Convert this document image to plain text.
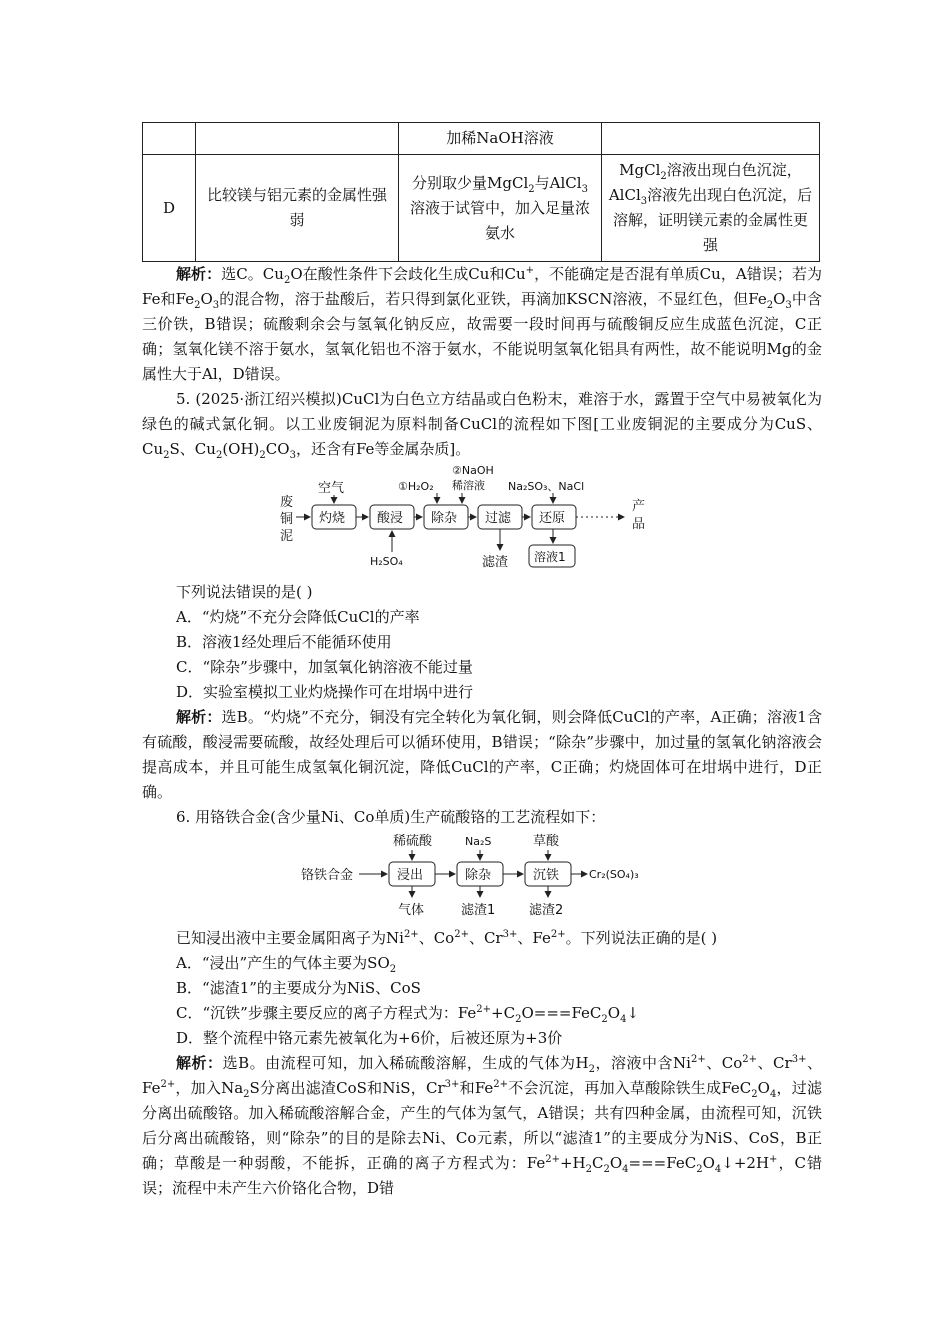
		加稀NaOH溶液	
D	比较镁与铝元素的金属性强弱	分别取少量MgCl$_2$与AlCl$_3$溶液于试管中，加入足量浓氨水	MgCl$_2$溶液出现白色沉淀，AlCl$_3$溶液先出现白色沉淀，后溶解，证明镁元素的金属性更强

解析：选C。$Cu_2O$在酸性条件下会歧化生成Cu和Cu+，不能确定是否混有单质Cu，A错误；若为Fe和$Fe_2O_3$的混合物，溶于盐酸后，若只得到氯化亚铁，再滴加KSCN溶液，不显红色，但$Fe_2O_3$中含三价铁，B错误；硫酸剩余会与氢氧化钠反应，故需要一段时间再与硫酸铜反应生成蓝色沉淀，C正确；氢氧化镁不溶于氨水，氢氧化铝也不溶于氨水，不能说明氢氧化铝具有两性，故不能说明Mg的金属性大于Al，D错误。

5. (2025·浙江绍兴模拟)CuCl为白色立方结晶或白色粉末，难溶于水，露置于空气中易被氧化为绿色的碱式氯化铜。以工业废铜泥为原料制备CuCl的流程如下图[工业废铜泥的主要成分为CuS、$Cu_2S$、$Cu_2(OH)_2CO_3$，还含有Fe等金属杂质]。

废
铜
泥
产
品
空气
H₂SO₄
①H₂O₂
②NaOH
稀溶液 Na₂SO₃、NaCl
滤渣
灼烧 酸浸 除杂 过滤 还原
溶液1

下列说法错误的是( )

A．“灼烧”不充分会降低CuCl的产率

B．溶液1经处理后不能循环使用

C．“除杂”步骤中，加氢氧化钠溶液不能过量

D．实验室模拟工业灼烧操作可在坩埚中进行

解析：选B。“灼烧”不充分，铜没有完全转化为氧化铜，则会降低CuCl的产率，A正确；溶液1含有硫酸，酸浸需要硫酸，故经处理后可以循环使用，B错误；“除杂”步骤中，加过量的氢氧化钠溶液会提高成本，并且可能生成氢氧化铜沉淀，降低CuCl的产率，C正确；灼烧固体可在坩埚中进行，D正确。

6. 用铬铁合金(含少量Ni、Co单质)生产硫酸铬的工艺流程如下：

铬铁合金	浸出	除杂	沉铁
稀硫酸	Na₂S	草酸
气体	滤渣1	滤渣2
Cr₂(SO₄)₃

已知浸出液中主要金属阳离子为$Ni^{2+}$、$Co^{2+}$、$Cr^{3+}$、$Fe^{2+}$。下列说法正确的是( )

A．“浸出”产生的气体主要为$SO_2$

B．“滤渣1”的主要成分为NiS、CoS

C．“沉铁”步骤主要反应的离子方程式为：$Fe^{2+}+C_2O===FeC_2O_4↓$

D．整个流程中铬元素先被氧化为+6价，后被还原为+3价

解析：选B。由流程可知，加入稀硫酸溶解，生成的气体为$H_2$，溶液中含$Ni^{2+}$、$Co^{2+}$、$Cr^{3+}$、$Fe^{2+}$，加入$Na_2S$分离出滤渣CoS和NiS，$Cr^{3+}$和$Fe^{2+}$不会沉淀，再加入草酸除铁生成$FeC_2O_4$，过滤分离出硫酸铬。加入稀硫酸溶解合金，产生的气体为氢气，A错误；共有四种金属，由流程可知，沉铁后分离出硫酸铬，则“除杂”的目的是除去Ni、Co元素，所以“滤渣1”的主要成分为NiS、CoS，B正确；草酸是一种弱酸，不能拆，正确的离子方程式为：$Fe^{2+}+H_2C_2O_4===FeC_2O_4↓+2H^+$，C错误；流程中未产生六价铬化合物，D错
